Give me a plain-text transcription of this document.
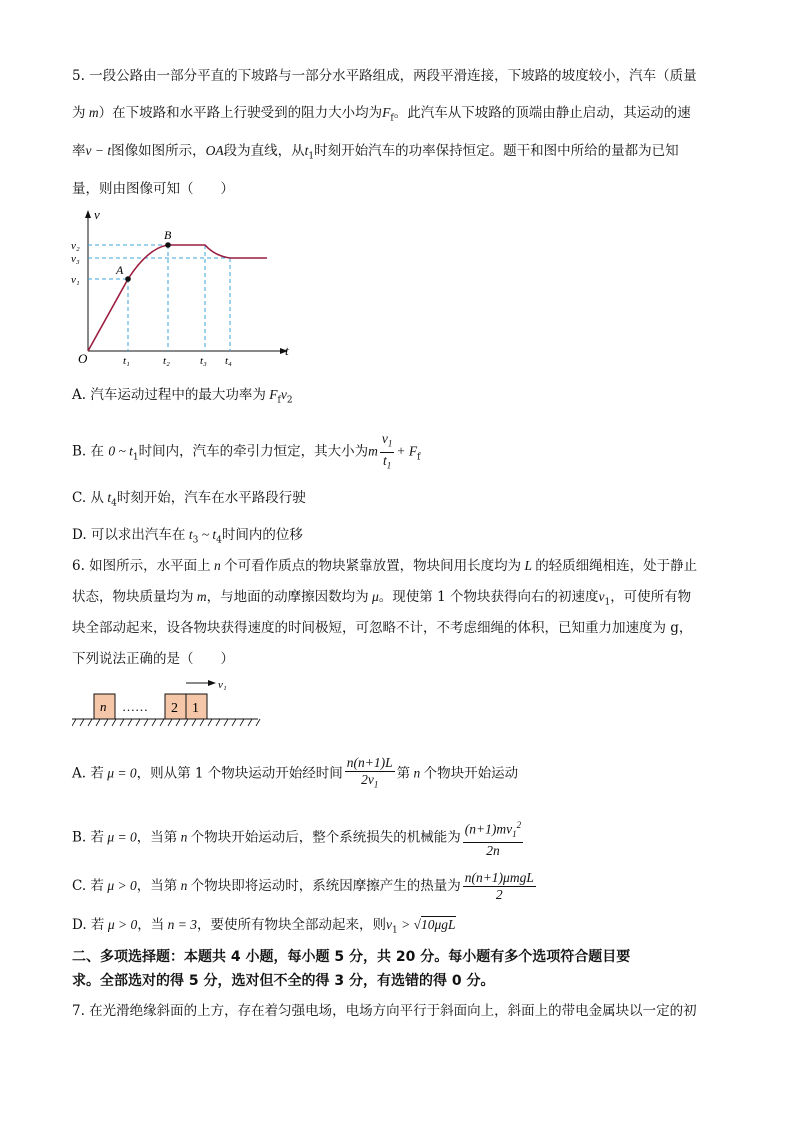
5. 一段公路由一部分平直的下坡路与一部分水平路组成，两段平滑连接，下坡路的坡度较小，汽车（质量
为 m）在下坡路和水平路上行驶受到的阻力大小均为$F_f$。此汽车从下坡路的顶端由静止启动，其运动的速
率v − t图像如图所示，OA段为直线，从$t_1$时刻开始汽车的功率保持恒定。题干和图中所给的量都为已知
量，则由图像可知（　　）
v
t
O
A
B
v₂
v₃
v₁
t₁	t₂	t₃ t₄
A. 汽车运动过程中的最大功率为 $F_fv_2$
B. 在 0 ~ $t_1$时间内，汽车的牵引力恒定，其大小为m $\frac{v_1}{t_1} + F_f$
C. 从 $t_4$时刻开始，汽车在水平路段行驶
D. 可以求出汽车在 $t_3$ ~ $t_4$时间内的位移
6. 如图所示，水平面上 n 个可看作质点的物块紧靠放置，物块间用长度均为 L 的轻质细绳相连，处于静止
状态，物块质量均为 m，与地面的动摩擦因数均为 μ。现使第 1 个物块获得向右的初速度$v_1$，可使所有物
块全部动起来，设各物块获得速度的时间极短，可忽略不计，不考虑细绳的体积，已知重力加速度为 g，
下列说法正确的是（　　）
n …… 2 1
v₁
A. 若 μ = 0，则从第 1 个物块运动开始经时间 $\frac{n(n+1)L}{2v_1}$ 第 n 个物块开始运动
B. 若 μ = 0，当第 n 个物块开始运动后，整个系统损失的机械能为 $\frac{(n+1)mv_1^2}{2n}$
C. 若 μ > 0，当第 n 个物块即将运动时，系统因摩擦产生的热量为 $\frac{\text{n(n+1)μmgL}}{2}$
D. 若 μ > 0，当 n = 3，要使所有物块全部动起来，则$v_1 > √10\mu gL$
二、多项选择题：本题共 4 小题，每小题 5 分，共 20 分。每小题有多个选项符合题目要
求。全部选对的得 5 分，选对但不全的得 3 分，有选错的得 0 分。
7. 在光滑绝缘斜面的上方，存在着匀强电场，电场方向平行于斜面向上，斜面上的带电金属块以一定的初
